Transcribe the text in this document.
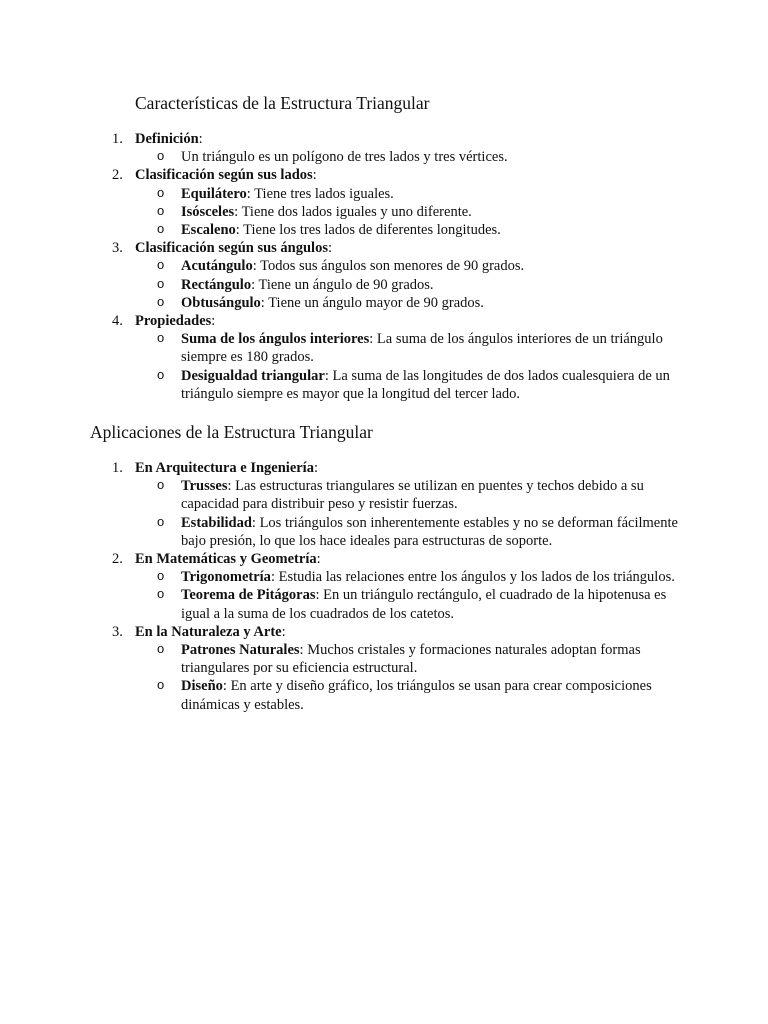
Características de la Estructura Triangular
1. Definición:
o Un triángulo es un polígono de tres lados y tres vértices.
2. Clasificación según sus lados:
o Equilátero: Tiene tres lados iguales.
o Isósceles: Tiene dos lados iguales y uno diferente.
o Escaleno: Tiene los tres lados de diferentes longitudes.
3. Clasificación según sus ángulos:
o Acutángulo: Todos sus ángulos son menores de 90 grados.
o Rectángulo: Tiene un ángulo de 90 grados.
o Obtusángulo: Tiene un ángulo mayor de 90 grados.
4. Propiedades:
o Suma de los ángulos interiores: La suma de los ángulos interiores de un triángulo siempre es 180 grados.
o Desigualdad triangular: La suma de las longitudes de dos lados cualesquiera de un triángulo siempre es mayor que la longitud del tercer lado.
Aplicaciones de la Estructura Triangular
1. En Arquitectura e Ingeniería:
o Trusses: Las estructuras triangulares se utilizan en puentes y techos debido a su capacidad para distribuir peso y resistir fuerzas.
o Estabilidad: Los triángulos son inherentemente estables y no se deforman fácilmente bajo presión, lo que los hace ideales para estructuras de soporte.
2. En Matemáticas y Geometría:
o Trigonometría: Estudia las relaciones entre los ángulos y los lados de los triángulos.
o Teorema de Pitágoras: En un triángulo rectángulo, el cuadrado de la hipotenusa es igual a la suma de los cuadrados de los catetos.
3. En la Naturaleza y Arte:
o Patrones Naturales: Muchos cristales y formaciones naturales adoptan formas triangulares por su eficiencia estructural.
o Diseño: En arte y diseño gráfico, los triángulos se usan para crear composiciones dinámicas y estables.
